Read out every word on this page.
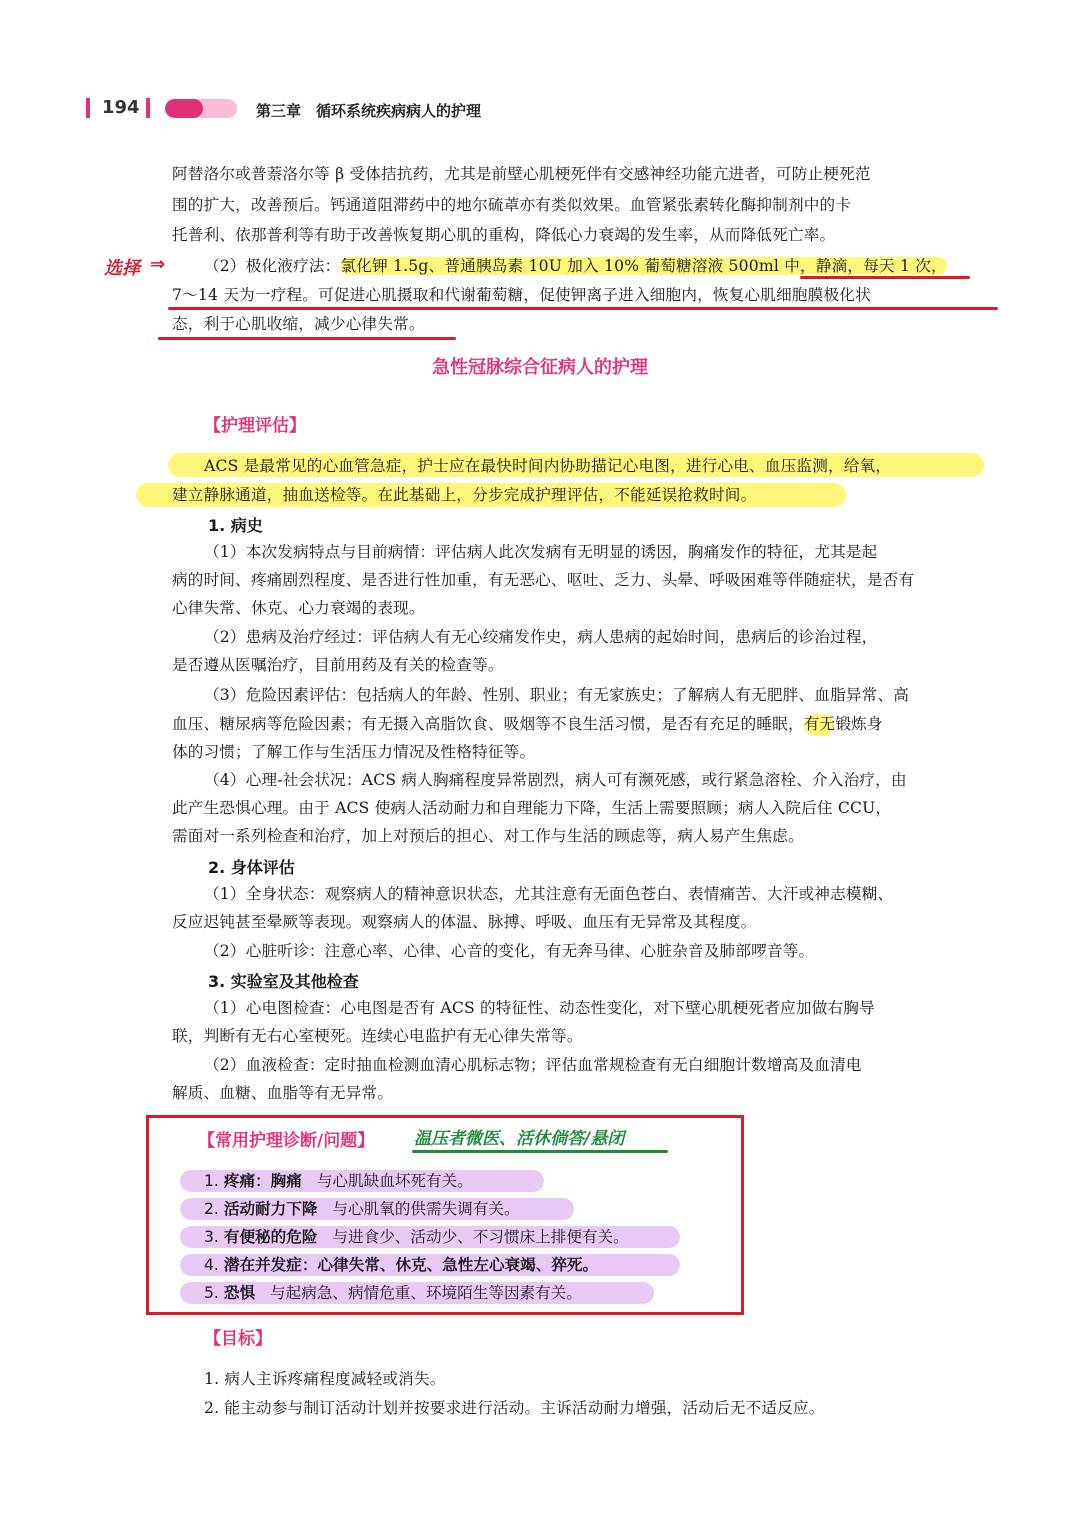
194	第三章　循环系统疾病病人的护理
阿替洛尔或普萘洛尔等 β 受体拮抗药，尤其是前壁心肌梗死伴有交感神经功能亢进者，可防止梗死范
围的扩大，改善预后。钙通道阻滞药中的地尔硫䓬亦有类似效果。血管紧张素转化酶抑制剂中的卡
托普利、依那普利等有助于改善恢复期心肌的重构，降低心力衰竭的发生率，从而降低死亡率。
选择 ⇒ （2）极化液疗法：氯化钾 1.5g、普通胰岛素 10U 加入 10% 葡萄糖溶液 500ml 中，静滴，每天 1 次，
7～14 天为一疗程。可促进心肌摄取和代谢葡萄糖，促使钾离子进入细胞内，恢复心肌细胞膜极化状
态，利于心肌收缩，减少心律失常。
急性冠脉综合征病人的护理
【护理评估】
ACS 是最常见的心血管急症，护士应在最快时间内协助描记心电图，进行心电、血压监测，给氧，
建立静脉通道，抽血送检等。在此基础上，分步完成护理评估，不能延误抢救时间。
1. 病史
（1）本次发病特点与目前病情：评估病人此次发病有无明显的诱因，胸痛发作的特征，尤其是起
病的时间、疼痛剧烈程度、是否进行性加重，有无恶心、呕吐、乏力、头晕、呼吸困难等伴随症状，是否有
心律失常、休克、心力衰竭的表现。
（2）患病及治疗经过：评估病人有无心绞痛发作史，病人患病的起始时间，患病后的诊治过程，
是否遵从医嘱治疗，目前用药及有关的检查等。
（3）危险因素评估：包括病人的年龄、性别、职业；有无家族史；了解病人有无肥胖、血脂异常、高
血压、糖尿病等危险因素；有无摄入高脂饮食、吸烟等不良生活习惯，是否有充足的睡眠，有无锻炼身
体的习惯；了解工作与生活压力情况及性格特征等。
（4）心理-社会状况：ACS 病人胸痛程度异常剧烈，病人可有濒死感，或行紧急溶栓、介入治疗，由
此产生恐惧心理。由于 ACS 使病人活动耐力和自理能力下降，生活上需要照顾；病人入院后住 CCU，
需面对一系列检查和治疗，加上对预后的担心、对工作与生活的顾虑等，病人易产生焦虑。
2. 身体评估
（1）全身状态：观察病人的精神意识状态，尤其注意有无面色苍白、表情痛苦、大汗或神志模糊、
反应迟钝甚至晕厥等表现。观察病人的体温、脉搏、呼吸、血压有无异常及其程度。
（2）心脏听诊：注意心率、心律、心音的变化，有无奔马律、心脏杂音及肺部啰音等。
3. 实验室及其他检查
（1）心电图检查：心电图是否有 ACS 的特征性、动态性变化，对下壁心肌梗死者应加做右胸导
联，判断有无右心室梗死。连续心电监护有无心律失常等。
（2）血液检查：定时抽血检测血清心肌标志物；评估血常规检查有无白细胞计数增高及血清电
解质、血糖、血脂等有无异常。
【常用护理诊断/问题】 温压者微医、活休倘答/悬闭
1. 疼痛：胸痛 与心肌缺血坏死有关。
2. 活动耐力下降 与心肌氧的供需失调有关。
3. 有便秘的危险 与进食少、活动少、不习惯床上排便有关。
4. 潜在并发症：心律失常、休克、急性左心衰竭、猝死。
5. 恐惧 与起病急、病情危重、环境陌生等因素有关。
【目标】
1. 病人主诉疼痛程度减轻或消失。
2. 能主动参与制订活动计划并按要求进行活动。主诉活动耐力增强，活动后无不适反应。
